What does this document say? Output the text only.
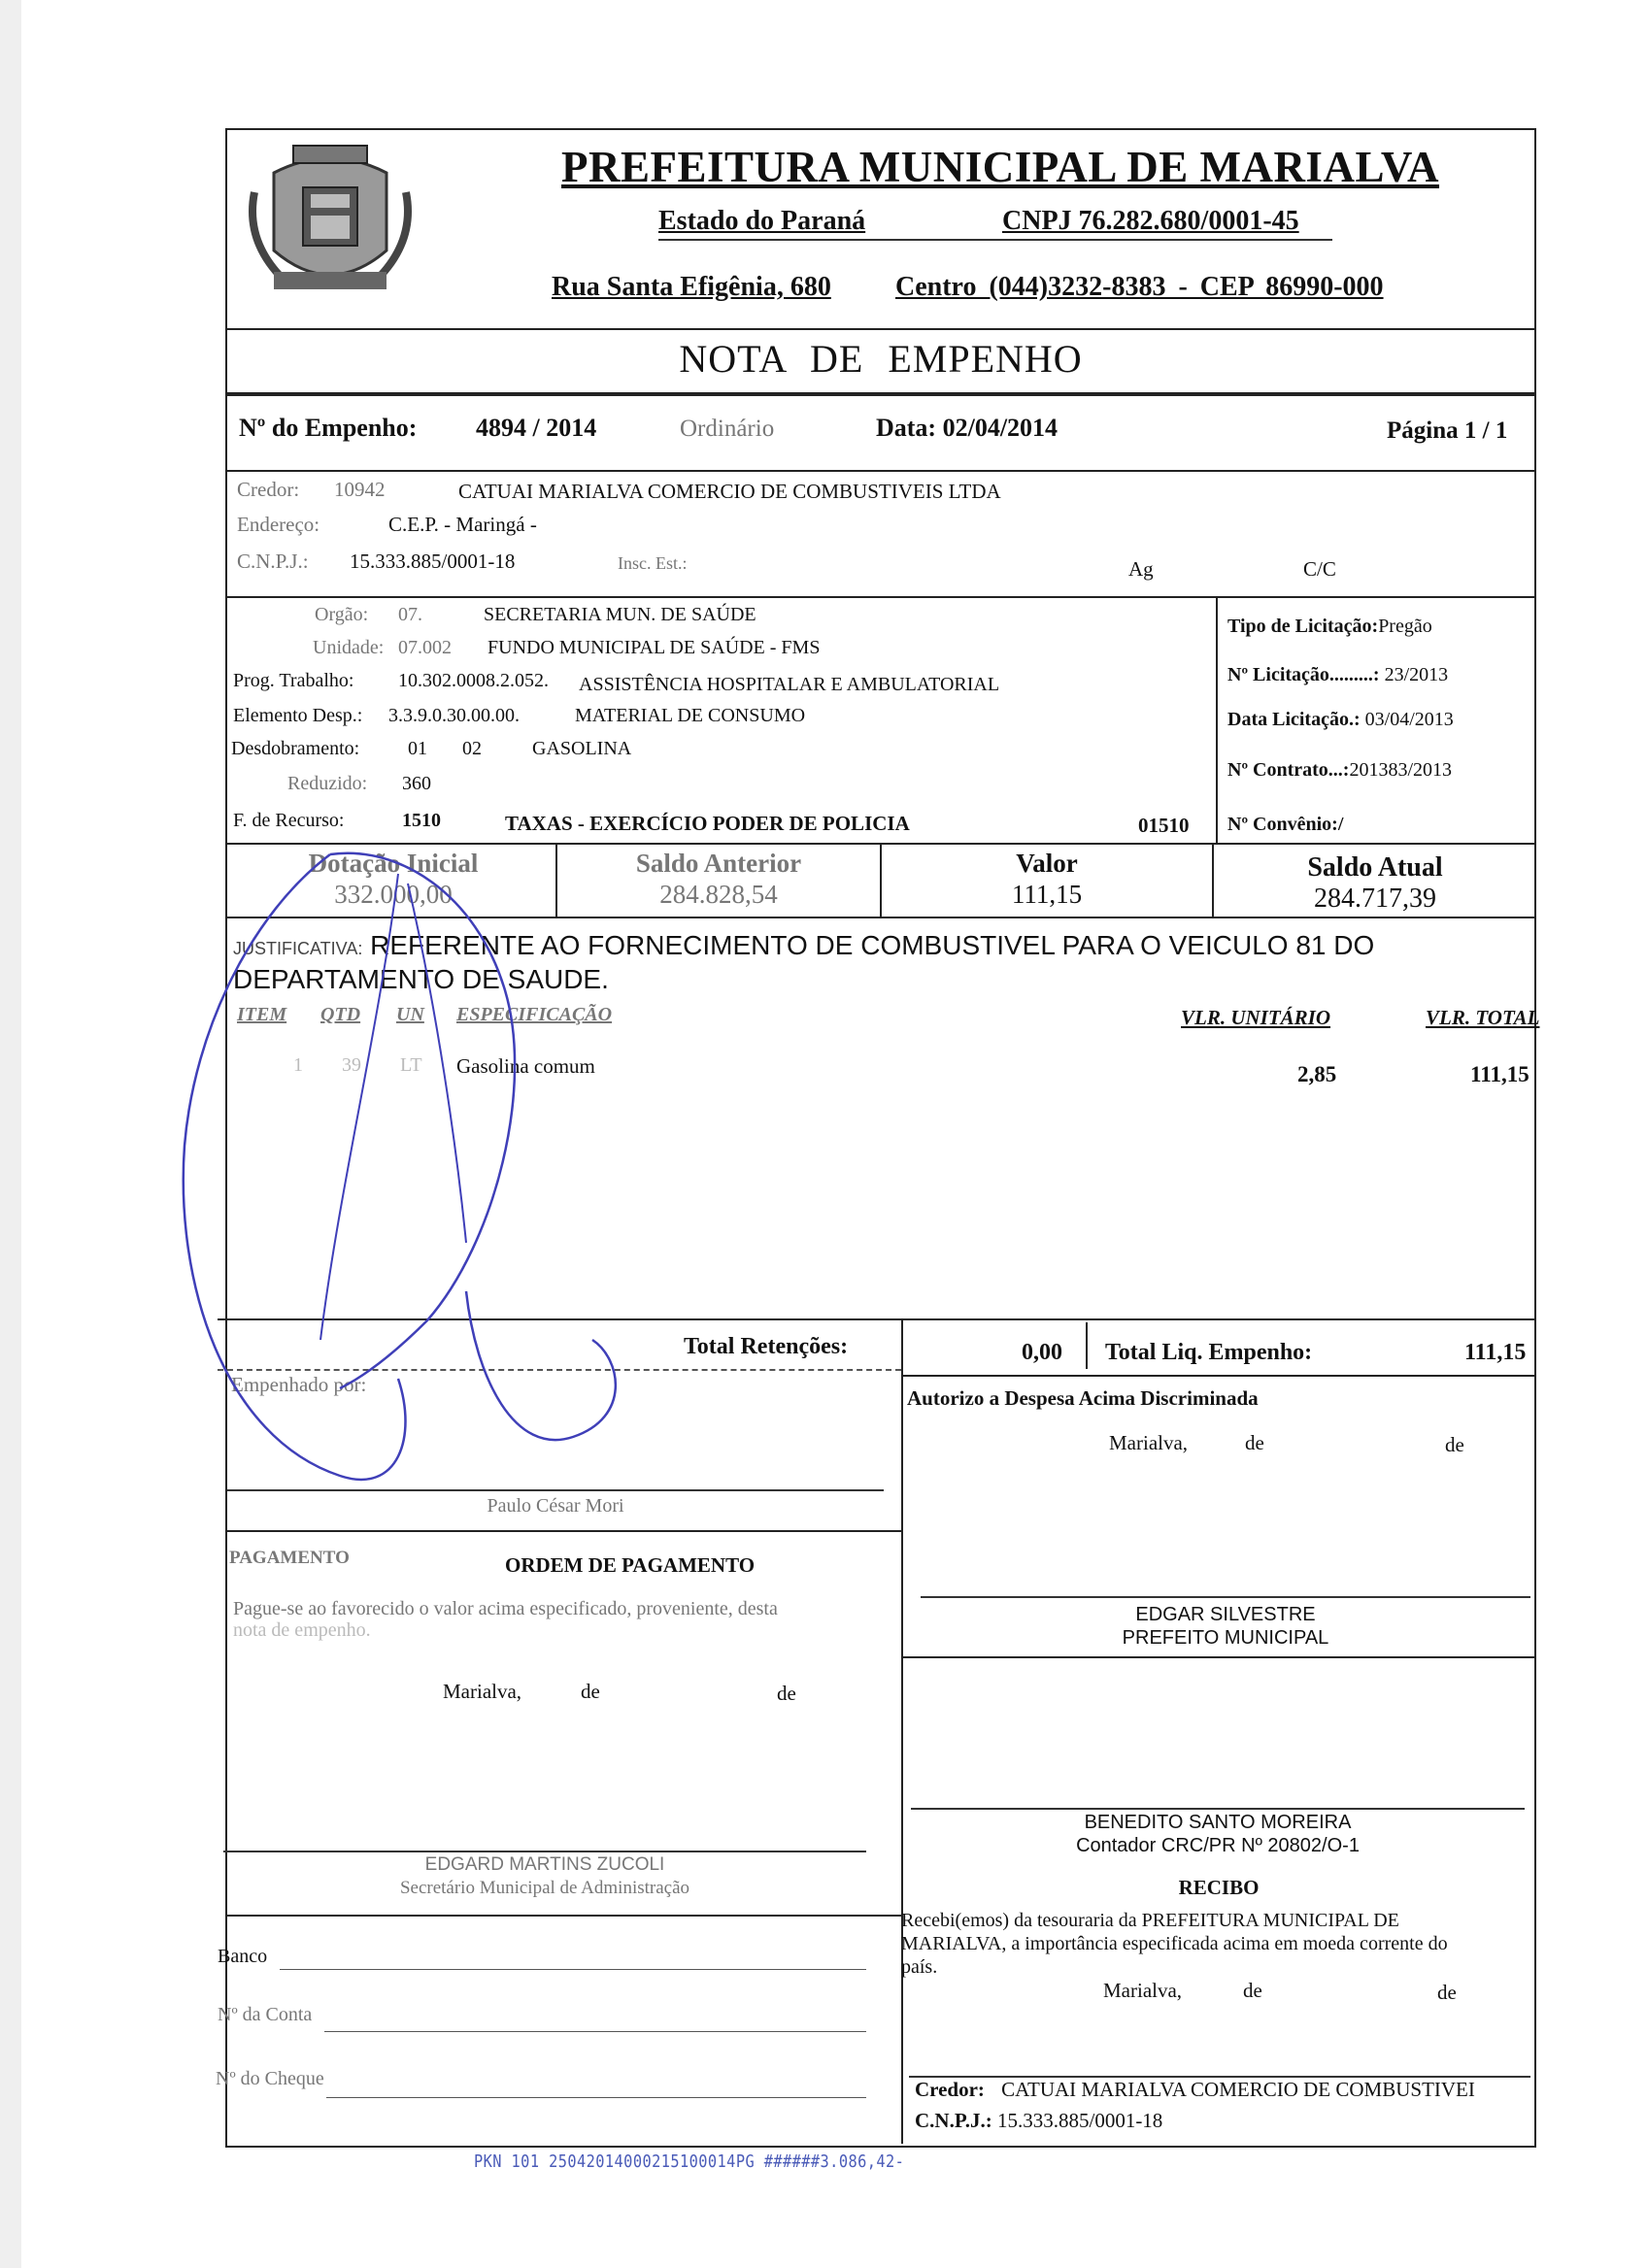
PREFEITURA MUNICIPAL DE MARIALVA
Estado do Paraná	CNPJ 76.282.680/0001-45
Rua Santa Efigênia, 680 Centro (044)3232-8383 - CEP 86990-000
NOTA DE EMPENHO
Nº do Empenho: 4894 / 2014	Ordinário	Data: 02/04/2014	Página 1 / 1
Credor: 10942	CATUAI MARIALVA COMERCIO DE COMBUSTIVEIS LTDA
Endereço:	C.E.P. - Maringá -
C.N.P.J.: 15.333.885/0001-18	Insc. Est.:	Ag	C/C
Orgão: 07.	SECRETARIA MUN. DE SAÚDE
Unidade: 07.002 FUNDO MUNICIPAL DE SAÚDE - FMS
Prog. Trabalho: 10.302.0008.2.052. ASSISTÊNCIA HOSPITALAR E AMBULATORIAL
Elemento Desp.: 3.3.9.0.30.00.00.	MATERIAL DE CONSUMO
Desdobramento: 01 02	GASOLINA
Reduzido: 360
F. de Recurso:	1510	TAXAS - EXERCÍCIO PODER DE POLICIA	01510
Tipo de Licitação:Pregão
Nº Licitação.........: 23/2013
Data Licitação.: 03/04/2013
Nº Contrato...:201383/2013
Nº Convênio:/
Dotação Inicial
332.000,00
Saldo Anterior
284.828,54
Valor
111,15
Saldo Atual
284.717,39
JUSTIFICATIVA: REFERENTE AO FORNECIMENTO DE COMBUSTIVEL PARA O VEICULO 81 DO
DEPARTAMENTO DE SAUDE.
ITEM QTD UN ESPECIFICAÇÃO	VLR. UNITÁRIO	VLR. TOTAL
1 39 LT Gasolina comum	2,85	111,15
Total Retenções:	0,00 Total Liq. Empenho:	111,15
Empenhado por:
Paulo César Mori
Autorizo a Despesa Acima Discriminada
Marialva,	de	de
EDGAR SILVESTRE
PREFEITO MUNICIPAL
BENEDITO SANTO MOREIRA
Contador CRC/PR Nº 20802/O-1
PAGAMENTO	ORDEM DE PAGAMENTO
Pague-se ao favorecido o valor acima especificado, proveniente, desta
nota de empenho.
Marialva,	de	de
EDGARD MARTINS ZUCOLI
Secretário Municipal de Administração
Banco
Nº da Conta
Nº do Cheque
RECIBO
Recebi(emos) da tesouraria da PREFEITURA MUNICIPAL DE
MARIALVA, a importância especificada acima em moeda corrente do
país.
Marialva,	de	de
Credor: CATUAI MARIALVA COMERCIO DE COMBUSTIVEI
C.N.P.J.: 15.333.885/0001-18
PKN 101 25042014000215100014PG ######3.086,42-
